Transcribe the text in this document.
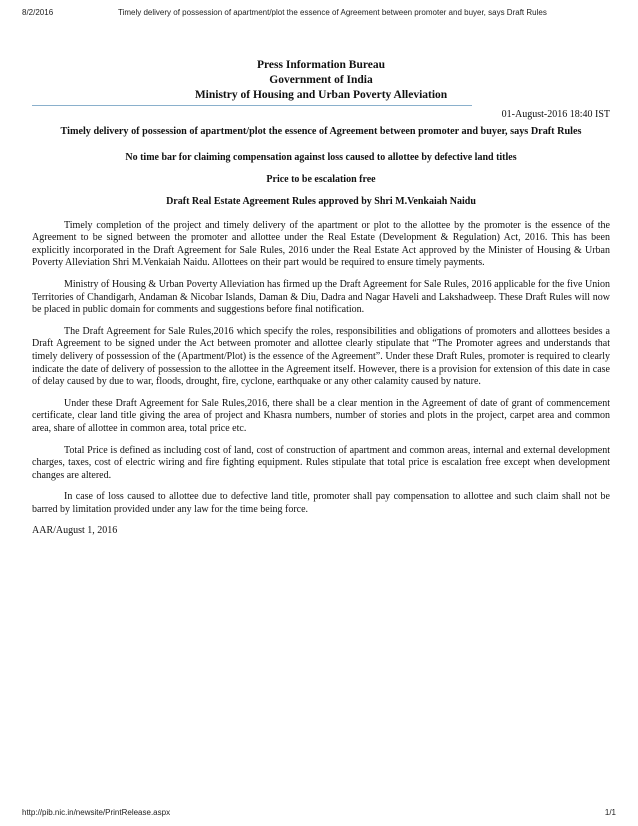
8/2/2016	Timely delivery of possession of apartment/plot the essence of Agreement between promoter and buyer, says Draft Rules
Press Information Bureau
Government of India
Ministry of Housing and Urban Poverty Alleviation
01-August-2016 18:40 IST
Timely delivery of possession of apartment/plot the essence of Agreement between promoter and buyer, says Draft Rules
No time bar for claiming compensation against loss caused to allottee by defective land titles
Price to be escalation free
Draft Real Estate Agreement Rules approved by Shri M.Venkaiah Naidu

Timely completion of the project and timely delivery of the apartment or plot to the allottee by the promoter is the essence of the Agreement to be signed between the promoter and allottee under the Real Estate (Development & Regulation) Act, 2016. This has been explicitly incorporated in the Draft Agreement for Sale Rules, 2016 under the Real Estate Act approved by the Minister of Housing & Urban Poverty Alleviation Shri M.Venkaiah Naidu. Allottees on their part would be required to ensure timely payments.

Ministry of Housing & Urban Poverty Alleviation has firmed up the Draft Agreement for Sale Rules, 2016 applicable for the five Union Territories of Chandigarh, Andaman & Nicobar Islands, Daman & Diu, Dadra and Nagar Haveli and Lakshadweep. These Draft Rules will now be placed in public domain for comments and suggestions before final notification.

The Draft Agreement for Sale Rules,2016 which specify the roles, responsibilities and obligations of promoters and allottees besides a Draft Agreement to be signed under the Act between promoter and allottee clearly stipulate that “The Promoter agrees and understands that timely delivery of possession of the (Apartment/Plot) is the essence of the Agreement”. Under these Draft Rules, promoter is required to clearly indicate the date of delivery of possession to the allottee in the Agreement itself. However, there is a provision for extension of this date in case of delay caused by due to war, floods, drought, fire, cyclone, earthquake or any other calamity caused by nature.

Under these Draft Agreement for Sale Rules,2016, there shall be a clear mention in the Agreement of date of grant of commencement certificate, clear land title giving the area of project and Khasra numbers, number of stories and plots in the project, carpet area and common area, share of allottee in common area, total price etc.

Total Price is defined as including cost of land, cost of construction of apartment and common areas, internal and external development charges, taxes, cost of electric wiring and fire fighting equipment. Rules stipulate that total price is escalation free except when development changes are altered.

In case of loss caused to allottee due to defective land title, promoter shall pay compensation to allottee and such claim shall not be barred by limitation provided under any law for the time being force.

AAR/August 1, 2016
http://pib.nic.in/newsite/PrintRelease.aspx	1/1
